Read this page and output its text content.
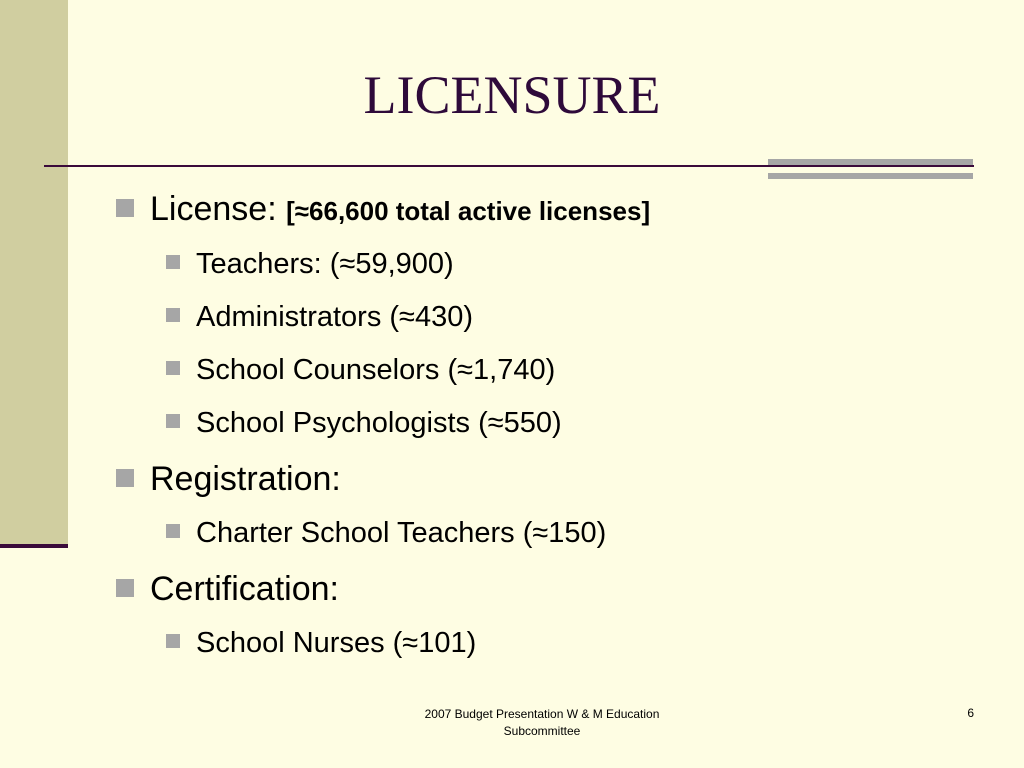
LICENSURE
License: [≈66,600 total active licenses]
Teachers: (≈59,900)
Administrators (≈430)
School Counselors (≈1,740)
School Psychologists (≈550)
Registration:
Charter School Teachers (≈150)
Certification:
School Nurses (≈101)
2007 Budget Presentation W & M Education
Subcommittee
6
